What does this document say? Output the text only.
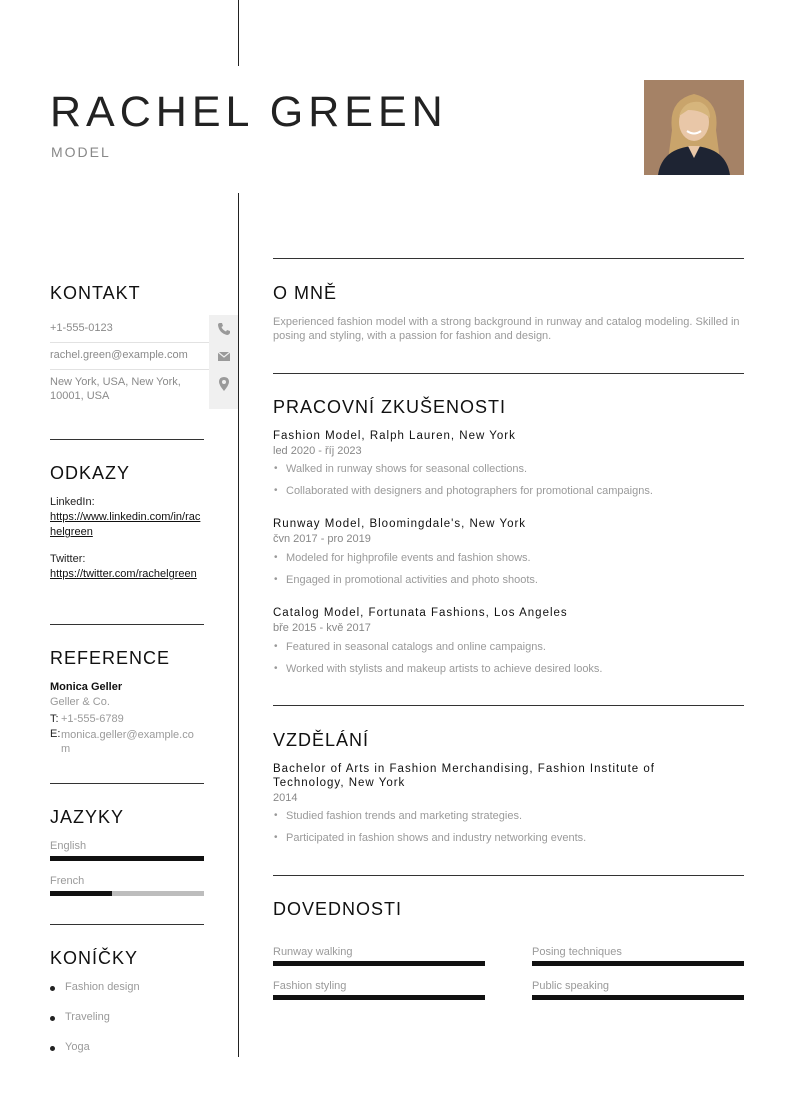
RACHEL GREEN
MODEL
KONTAKT
+1-555-0123
rachel.green@example.com
New York, USA, New York, 10001, USA
ODKAZY
LinkedIn:
https://www.linkedin.com/in/rachelgreen
Twitter:
https://twitter.com/rachelgreen
REFERENCE
Monica Geller
Geller & Co.
T: +1-555-6789
E: monica.geller@example.com
JAZYKY
English
French
KONÍČKY
Fashion design
Traveling
Yoga
O MNĚ
Experienced fashion model with a strong background in runway and catalog modeling. Skilled in posing and styling, with a passion for fashion and design.
PRACOVNÍ ZKUŠENOSTI
Fashion Model, Ralph Lauren, New York
led 2020 - říj 2023
• Walked in runway shows for seasonal collections.
• Collaborated with designers and photographers for promotional campaigns.
Runway Model, Bloomingdale's, New York
čvn 2017 - pro 2019
• Modeled for highprofile events and fashion shows.
• Engaged in promotional activities and photo shoots.
Catalog Model, Fortunata Fashions, Los Angeles
bře 2015 - kvě 2017
• Featured in seasonal catalogs and online campaigns.
• Worked with stylists and makeup artists to achieve desired looks.
VZDĚLÁNÍ
Bachelor of Arts in Fashion Merchandising, Fashion Institute of Technology, New York
2014
• Studied fashion trends and marketing strategies.
• Participated in fashion shows and industry networking events.
DOVEDNOSTI
Runway walking	Posing techniques
Fashion styling	Public speaking
